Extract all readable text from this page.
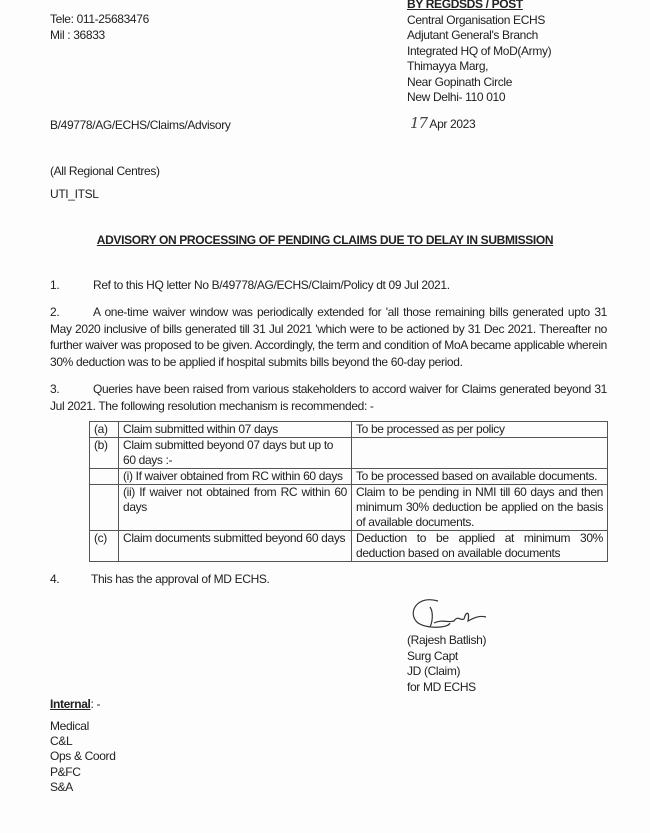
Tele: 011-25683476
Mil : 36833
BY REGDSDS / POST
Central Organisation ECHS
Adjutant General's Branch
Integrated HQ of MoD(Army)
Thimayya Marg,
Near Gopinath Circle
New Delhi- 110 010
B/49778/AG/ECHS/Claims/Advisory	17 Apr 2023
(All Regional Centres)
UTI_ITSL
ADVISORY ON PROCESSING OF PENDING CLAIMS DUE TO DELAY IN SUBMISSION
1.	Ref to this HQ letter No B/49778/AG/ECHS/Claim/Policy dt 09 Jul 2021.
2.	A one-time waiver window was periodically extended for 'all those remaining bills generated upto 31 May 2020 inclusive of bills generated till 31 Jul 2021 'which were to be actioned by 31 Dec 2021. Thereafter no further waiver was proposed to be given. Accordingly, the term and condition of MoA became applicable wherein 30% deduction was to be applied if hospital submits bills beyond the 60-day period.
3.	Queries have been raised from various stakeholders to accord waiver for Claims generated beyond 31 Jul 2021. The following resolution mechanism is recommended: -
(a)	Claim submitted within 07 days	To be processed as per policy
(b)	Claim submitted beyond 07 days but up to 60 days :-	
	(i) If waiver obtained from RC within 60 days	To be processed based on available documents.
	(ii) If waiver not obtained from RC within 60 days	Claim to be pending in NMI till 60 days and then minimum 30% deduction be applied on the basis of available documents.
(c)	Claim documents submitted beyond 60 days	Deduction to be applied at minimum 30% deduction based on available documents
4.	This has the approval of MD ECHS.
(Rajesh Batlish)
Surg Capt
JD (Claim)
for MD ECHS
Internal: -
Medical
C&L
Ops & Coord
P&FC
S&A
